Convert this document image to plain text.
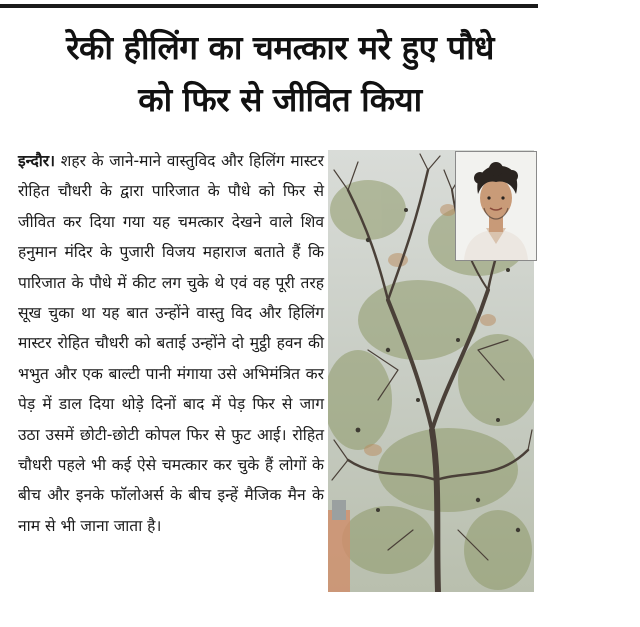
रेकी हीलिंग का चमत्कार मरे हुए पौधे
को फिर से जीवित किया

इन्दौर। शहर के जाने-माने वास्तुविद और हिलिंग मास्टर रोहित चौधरी के द्वारा पारिजात के पौधे को फिर से जीवित कर दिया गया यह चमत्कार देखने वाले शिव हनुमान मंदिर के पुजारी विजय महाराज बताते हैं कि पारिजात के पौधे में कीट लग चुके थे एवं वह पूरी तरह सूख चुका था यह बात उन्होंने वास्तु विद और हिलिंग मास्टर रोहित चौधरी को बताई उन्होंने दो मुट्ठी हवन की भभुत और एक बाल्टी पानी मंगाया उसे अभिमंत्रित कर पेड़ में डाल दिया थोड़े दिनों बाद में पेड़ फिर से जाग उठा उसमें छोटी-छोटी कोपल फिर से फुट आई। रोहित चौधरी पहले भी कई ऐसे चमत्कार कर चुके हैं लोगों के बीच और इनके फॉलोअर्स के बीच इन्हें मैजिक मैन के नाम से भी जाना जाता है।
